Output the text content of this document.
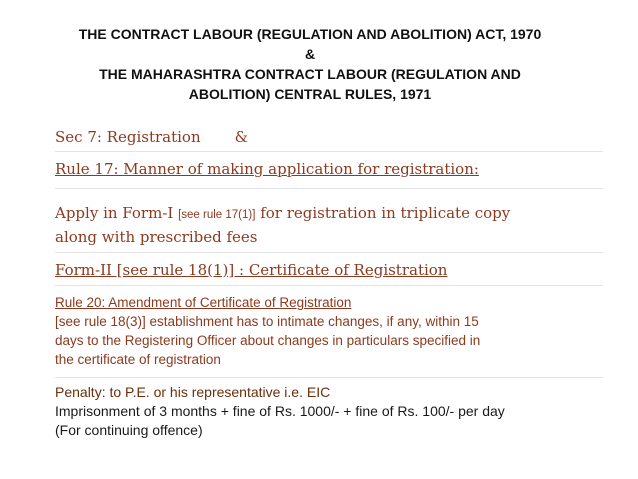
THE CONTRACT LABOUR (REGULATION AND ABOLITION) ACT, 1970
&
THE MAHARASHTRA CONTRACT LABOUR (REGULATION AND
ABOLITION) CENTRAL RULES, 1971
Sec 7: Registration &
Rule 17: Manner of making application for registration:
Apply in Form-I [see rule 17(1)] for registration in triplicate copy
along with prescribed fees
Form-II [see rule 18(1)] : Certificate of Registration
Rule 20: Amendment of Certificate of Registration
[see rule 18(3)] establishment has to intimate changes, if any, within 15
days to the Registering Officer about changes in particulars specified in
the certificate of registration
Penalty: to P.E. or his representative i.e. EIC
Imprisonment of 3 months + fine of Rs. 1000/- + fine of Rs. 100/- per day
(For continuing offence)
